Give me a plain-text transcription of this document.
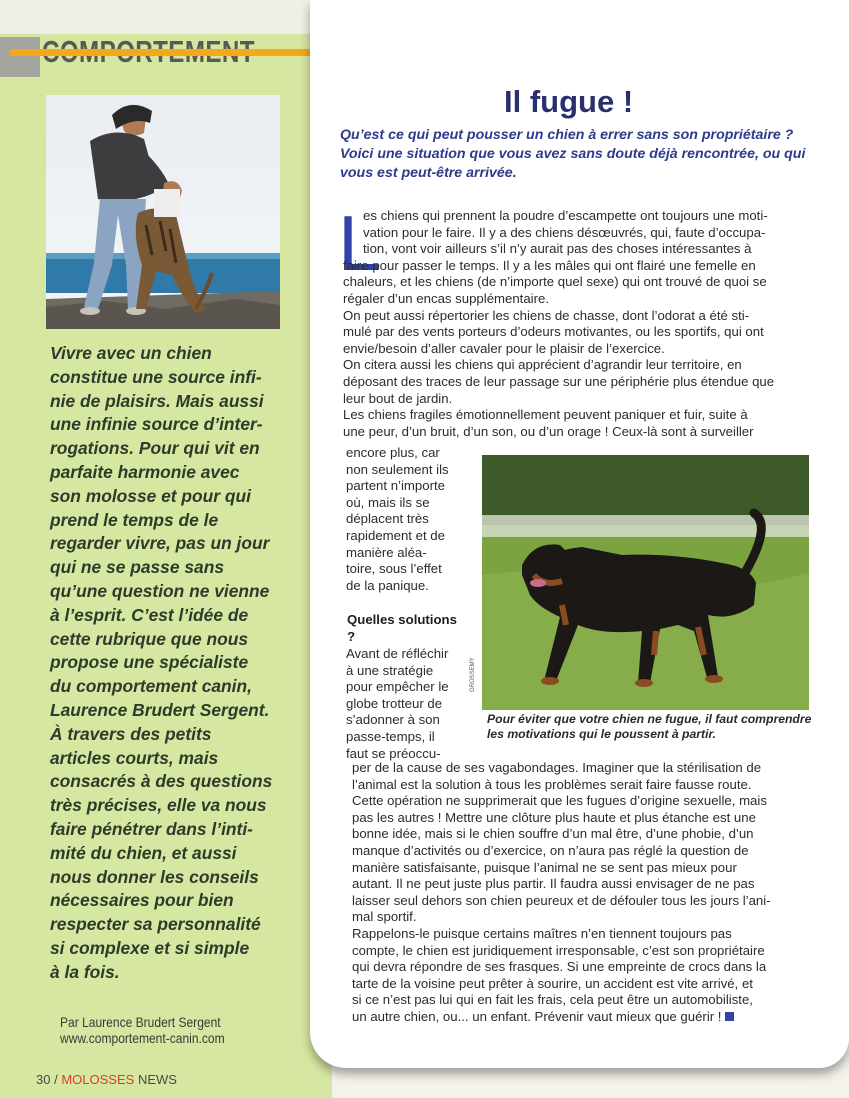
Vivre avec un chien
constitue une source infi-
nie de plaisirs. Mais aussi
une infinie source d’inter-
rogations. Pour qui vit en
parfaite harmonie avec
son molosse et pour qui
prend le temps de le
regarder vivre, pas un jour
qui ne se passe sans
qu’une question ne vienne
à l’esprit. C’est l’idée de
cette rubrique que nous
propose une spécialiste
du comportement canin,
Laurence Brudert Sergent.
À travers des petits
articles courts, mais
consacrés à des questions
très précises, elle va nous
faire pénétrer dans l’inti-
mité du chien, et aussi
nous donner les conseils
nécessaires pour bien
respecter sa personnalité
si complexe et si simple
à la fois.

Par Laurence Brudert Sergent
www.comportement-canin.com
30 / MOLOSSES NEWS
Il fugue !

Qu’est ce qui peut pousser un chien à errer sans son propriétaire ? Voici une situation que vous avez sans doute déjà rencontrée, ou qui vous est peut-être arrivée.

L
es chiens qui prennent la poudre d’escampette ont toujours une moti-
vation pour le faire. Il y a des chiens désœuvrés, qui, faute d’occupa-
tion, vont voir ailleurs s’il n’y aurait pas des choses intéressantes à
faire pour passer le temps. Il y a les mâles qui ont flairé une femelle en
chaleurs, et les chiens (de n’importe quel sexe) qui ont trouvé de quoi se
régaler d’un encas supplémentaire.
On peut aussi répertorier les chiens de chasse, dont l’odorat a été sti-
mulé par des vents porteurs d’odeurs motivantes, ou les sportifs, qui ont
envie/besoin d’aller cavaler pour le plaisir de l’exercice.
On citera aussi les chiens qui apprécient d’agrandir leur territoire, en
déposant des traces de leur passage sur une périphérie plus étendue que
leur bout de jardin.
Les chiens fragiles émotionnellement peuvent paniquer et fuir, suite à
une peur, d’un bruit, d’un son, ou d’un orage ! Ceux-là sont à surveiller
encore plus, car
non seulement ils
partent n’importe
où, mais ils se
déplacent très
rapidement et de
manière aléa-
toire, sous l’effet
de la panique.
Quelles solutions ?
Avant de réfléchir
à une stratégie
pour empêcher le
globe trotteur de
s’adonner à son
passe-temps, il
faut se préoccu-
GROSSEMY

Pour éviter que votre chien ne fugue, il faut comprendre les motivations qui le poussent à partir.

per de la cause de ses vagabondages. Imaginer que la stérilisation de
l’animal est la solution à tous les problèmes serait faire fausse route.
Cette opération ne supprimerait que les fugues d’origine sexuelle, mais
pas les autres ! Mettre une clôture plus haute et plus étanche est une
bonne idée, mais si le chien souffre d’un mal être, d’une phobie, d’un
manque d’activités ou d’exercice, on n’aura pas réglé la question de
manière satisfaisante, puisque l’animal ne se sent pas mieux pour
autant. Il ne peut juste plus partir. Il faudra aussi envisager de ne pas
laisser seul dehors son chien peureux et de défouler tous les jours l’ani-
mal sportif.
Rappelons-le puisque certains maîtres n’en tiennent toujours pas
compte, le chien est juridiquement irresponsable, c’est son propriétaire
qui devra répondre de ses frasques. Si une empreinte de crocs dans la
tarte de la voisine peut prêter à sourire, un accident est vite arrivé, et
si ce n’est pas lui qui en fait les frais, cela peut être un automobiliste,
un autre chien, ou... un enfant. Prévenir vaut mieux que guérir !
